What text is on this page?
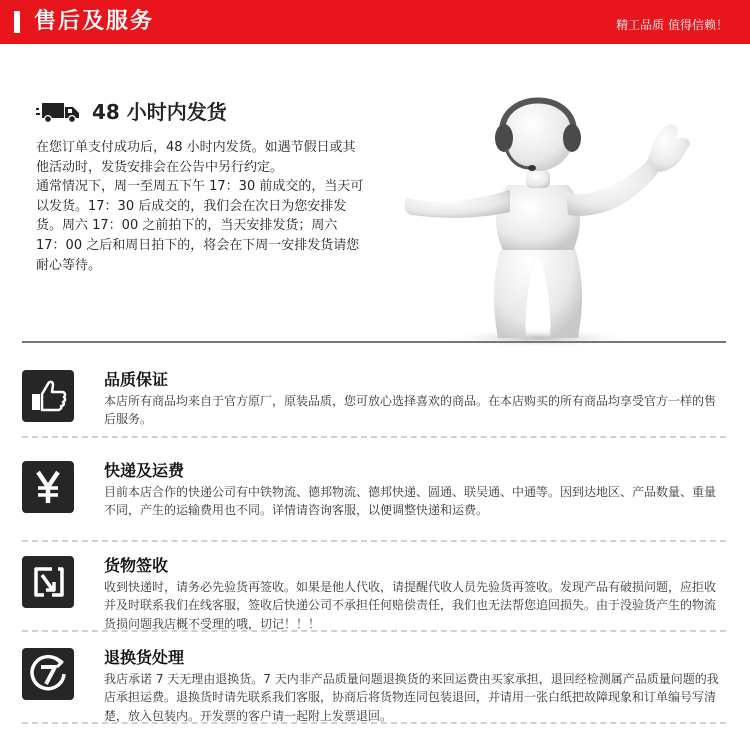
售后及服务	精工品质 值得信赖！
48 小时内发货

在您订单支付成功后，48 小时内发货。如遇节假日或其他活动时，发货安排会在公告中另行约定。

通常情况下，周一至周五下午 17：30 前成交的，当天可以发货。17：30 后成交的，我们会在次日为您安排发货。周六 17：00 之前拍下的，当天安排发货；周六 17：00 之后和周日拍下的，将会在下周一安排发货请您耐心等待。

品质保证
本店所有商品均来自于官方原厂，原装品质，您可放心选择喜欢的商品。在本店购买的所有商品均享受官方一样的售后服务。
快递及运费
目前本店合作的快递公司有中铁物流、德邦物流、德邦快递、圆通、联吴通、中通等。因到达地区、产品数量、重量不同，产生的运输费用也不同。详情请咨询客服，以便调整快递和运费。
货物签收
收到快递时，请务必先验货再签收。如果是他人代收，请提醒代收人员先验货再签收。发现产品有破损问题，应拒收并及时联系我们在线客服，签收后快递公司不承担任何赔偿责任，我们也无法帮您追回损失。由于没验货产生的物流货损问题我店概不受理的哦，切记！！！
退换货处理
我店承诺 7 天无理由退换货。7 天内非产品质量问题退换货的来回运费由买家承担，退回经检测属产品质量问题的我店承担运费。退换货时请先联系我们客服，协商后将货物连同包装退回，并请用一张白纸把故障现象和订单编号写清楚，放入包装内。开发票的客户请一起附上发票退回。
